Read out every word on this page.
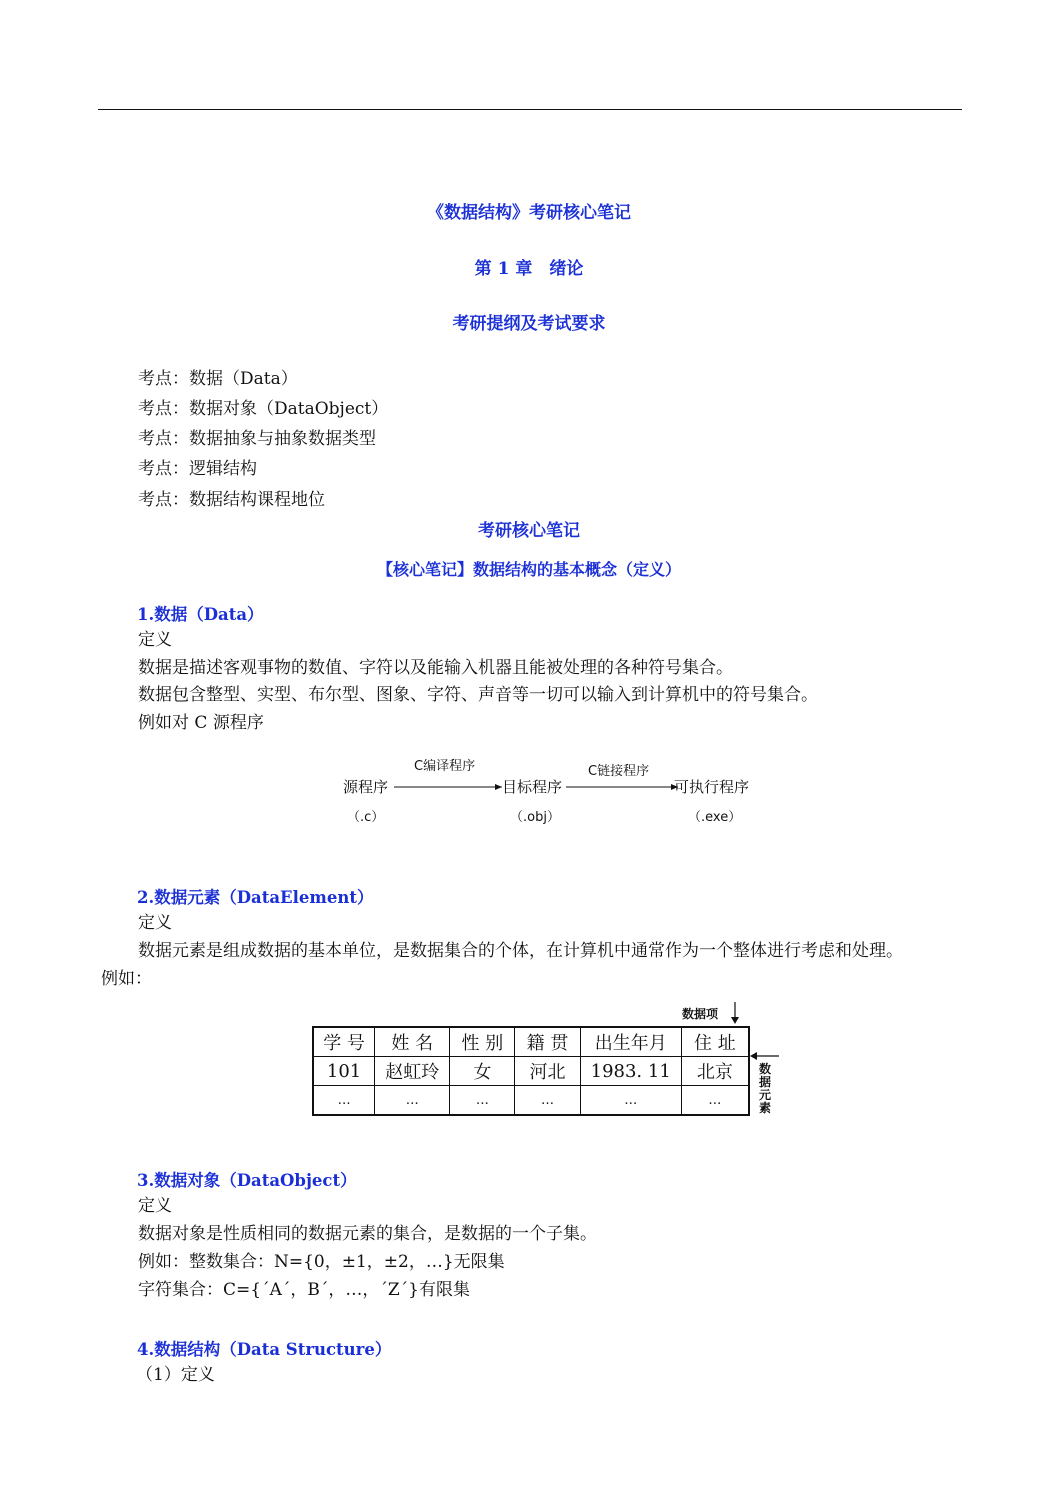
《数据结构》考研核心笔记
第 1 章　绪论
考研提纲及考试要求
考点：数据（Data）
考点：数据对象（DataObject）
考点：数据抽象与抽象数据类型
考点：逻辑结构
考点：数据结构课程地位
考研核心笔记
【核心笔记】数据结构的基本概念（定义）
1.数据（Data）
定义
数据是描述客观事物的数值、字符以及能输入机器且能被处理的各种符号集合。
数据包含整型、实型、布尔型、图象、字符、声音等一切可以输入到计算机中的符号集合。
例如对 C 源程序
源程序
C编译程序
目标程序
C链接程序
可执行程序
（.c）	（.obj）	（.exe）
2.数据元素（DataElement）
定义
数据元素是组成数据的基本单位，是数据集合的个体，在计算机中通常作为一个整体进行考虑和处理。
例如：
数据项
学 号	姓 名	性 别	籍 贯	出生年月	住 址
101	赵虹玲	女	河北	1983. 11	北京
…	…	…	…	…	…
数据元素
3.数据对象（DataObject）
定义
数据对象是性质相同的数据元素的集合，是数据的一个子集。
例如：整数集合：N={0，±1，±2，…}无限集
字符集合：C={´A´，B´，…，´Z´}有限集
4.数据结构（Data Structure）
（1）定义
